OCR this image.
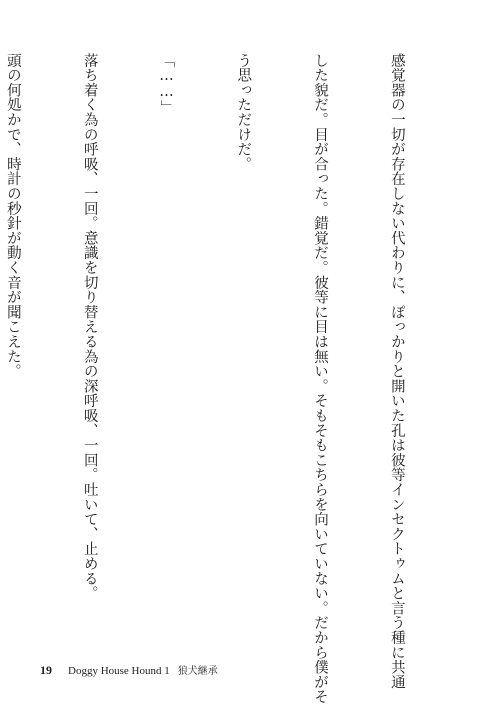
感覚器の一切が存在しない代わりに、ぽっかりと開いた孔は彼等インセクトゥムと言う種に共通

した貌だ。目が合った。錯覚だ。彼等に目は無い。そもそもこちらを向いていない。だから僕がそ

う思っただけだ。

「……」

落ち着く為の呼吸、一回。意識を切り替える為の深呼吸、一回。吐いて、止める。

頭の何処かで、時計の秒針が動く音が聞こえた。

19 Doggy House Hound 1 狼犬継承
